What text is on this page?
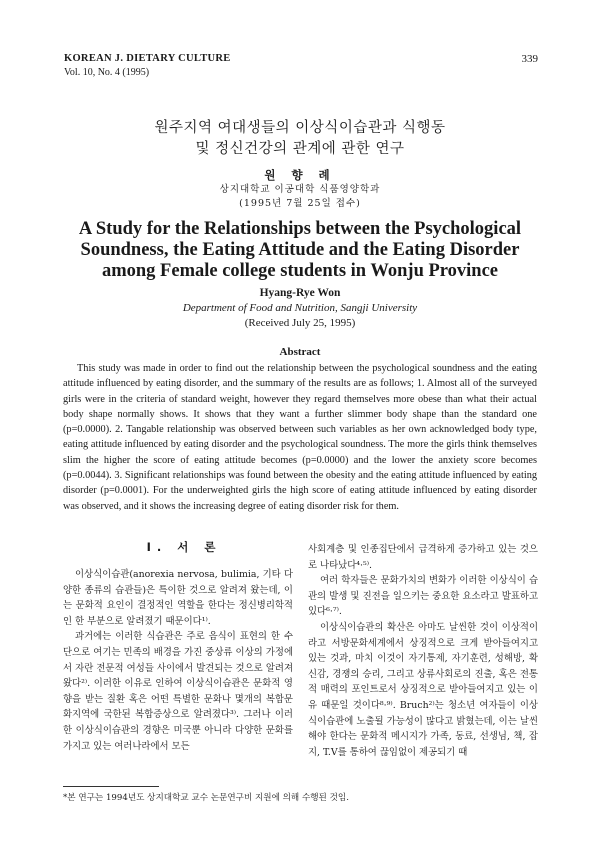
KOREAN J. DIETARY CULTURE
Vol. 10, No. 4 (1995)
339
원주지역 여대생들의 이상식이습관과 식행동
및 정신건강의 관계에 관한 연구
원 향 례
상지대학교 이공대학 식품영양학과
(1995년 7월 25일 접수)
A Study for the Relationships between the Psychological
Soundness, the Eating Attitude and the Eating Disorder
among Female college students in Wonju Province
Hyang-Rye Won
Department of Food and Nutrition, Sangji University
(Received July 25, 1995)
Abstract
This study was made in order to find out the relationship between the psychological soundness and the eating attitude influenced by eating disorder, and the summary of the results are as follows; 1. Almost all of the surveyed girls were in the criteria of standard weight, however they regard themselves more obese than what their actual body shape normally shows. It shows that they want a further slimmer body shape than the standard one (p=0.0000). 2. Tangable relationship was observed between such variables as her own acknowledged body type, eating attitude influenced by eating disorder and the psychological soundness. The more the girls think themselves slim the higher the score of eating attitude becomes (p=0.0000) and the lower the anxiety score becomes (p=0.0044). 3. Significant relationships was found between the obesity and the eating attitude influenced by eating disorder (p=0.0001). For the underweighted girls the high score of eating attitude influenced by eating disorder was observed, and it shows the increasing degree of eating disorder risk for them.

I. 서 론

이상식이습관(anorexia nervosa, bulimia, 기타 다양한 종류의 습관들)은 특이한 것으로 알려져 왔는데, 이는 문화적 요인이 결정적인 역할을 한다는 정신병리학적인 한 부분으로 알려졌기 때문이다¹⁾.

과거에는 이러한 식습관은 주로 음식이 표현의 한 수단으로 여기는 민족의 배경을 가진 중상류 이상의 가정에서 자란 전문적 여성들 사이에서 발견되는 것으로 알려져 왔다²⁾. 이러한 이유로 인하여 이상식이습관은 문화적 영향을 받는 질환 혹은 어떤 특별한 문화나 몇개의 복합문화지역에 국한된 복합증상으로 알려졌다³⁾. 그러나 이러한 이상식이습관의 경향은 미국뿐 아니라 다양한 문화를 가지고 있는 여러나라에서 모든

사회계층 및 인종집단에서 급격하게 증가하고 있는 것으로 나타났다⁴·⁵⁾.

여러 학자들은 문화가치의 변화가 이러한 이상식이 습관의 발생 및 진전을 일으키는 중요한 요소라고 발표하고 있다⁶·⁷⁾.

이상식이습관의 확산은 아마도 날씬한 것이 이상적이라고 서방문화세계에서 상징적으로 크게 받아들여지고 있는 것과, 마치 이것이 자기통제, 자기훈련, 성해방, 확신감, 경쟁의 승리, 그리고 상류사회로의 진출, 혹은 전통적 매력의 포인트로서 상징적으로 받아들여지고 있는 이유 때문일 것이다⁸·⁹⁾. Bruch²⁾는 청소년 여자들이 이상식이습관에 노출될 가능성이 많다고 밝혔는데, 이는 날씬해야 한다는 문화적 메시지가 가족, 동료, 선생님, 책, 잡지, T.V를 통하여 끊임없이 제공되기 때

*본 연구는 1994년도 상지대학교 교수 논문연구비 지원에 의해 수행된 것임.
